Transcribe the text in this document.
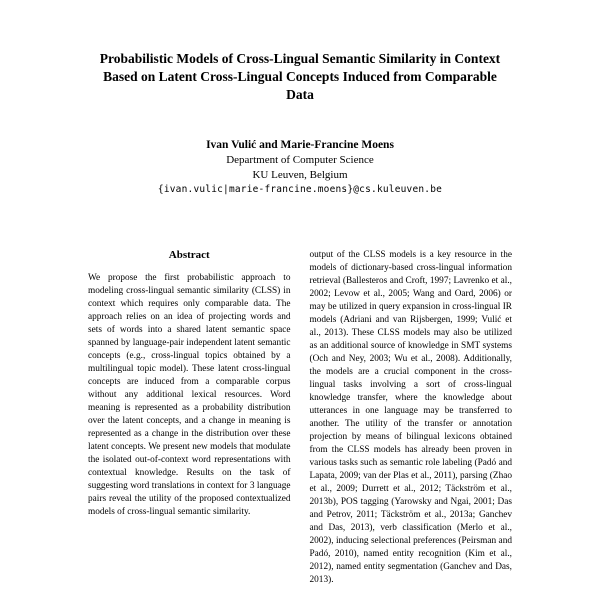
Probabilistic Models of Cross-Lingual Semantic Similarity in Context
Based on Latent Cross-Lingual Concepts Induced from Comparable Data
Ivan Vulić and Marie-Francine Moens
Department of Computer Science
KU Leuven, Belgium
{ivan.vulic|marie-francine.moens}@cs.kuleuven.be
Abstract

We propose the first probabilistic approach to modeling cross-lingual semantic similarity (CLSS) in context which requires only comparable data. The approach relies on an idea of projecting words and sets of words into a shared latent semantic space spanned by language-pair independent latent semantic concepts (e.g., cross-lingual topics obtained by a multilingual topic model). These latent cross-lingual concepts are induced from a comparable corpus without any additional lexical resources. Word meaning is represented as a probability distribution over the latent concepts, and a change in meaning is represented as a change in the distribution over these latent concepts. We present new models that modulate the isolated out-of-context word representations with contextual knowledge. Results on the task of suggesting word translations in context for 3 language pairs reveal the utility of the proposed contextualized models of cross-lingual semantic similarity.

output of the CLSS models is a key resource in the models of dictionary-based cross-lingual information retrieval (Ballesteros and Croft, 1997; Lavrenko et al., 2002; Levow et al., 2005; Wang and Oard, 2006) or may be utilized in query expansion in cross-lingual IR models (Adriani and van Rijsbergen, 1999; Vulić et al., 2013). These CLSS models may also be utilized as an additional source of knowledge in SMT systems (Och and Ney, 2003; Wu et al., 2008). Additionally, the models are a crucial component in the cross-lingual tasks involving a sort of cross-lingual knowledge transfer, where the knowledge about utterances in one language may be transferred to another. The utility of the transfer or annotation projection by means of bilingual lexicons obtained from the CLSS models has already been proven in various tasks such as semantic role labeling (Padó and Lapata, 2009; van der Plas et al., 2011), parsing (Zhao et al., 2009; Durrett et al., 2012; Täckström et al., 2013b), POS tagging (Yarowsky and Ngai, 2001; Das and Petrov, 2011; Täckström et al., 2013a; Ganchev and Das, 2013), verb classification (Merlo et al., 2002), inducing selectional preferences (Peirsman and Padó, 2010), named entity recognition (Kim et al., 2012), named entity segmentation (Ganchev and Das, 2013).
